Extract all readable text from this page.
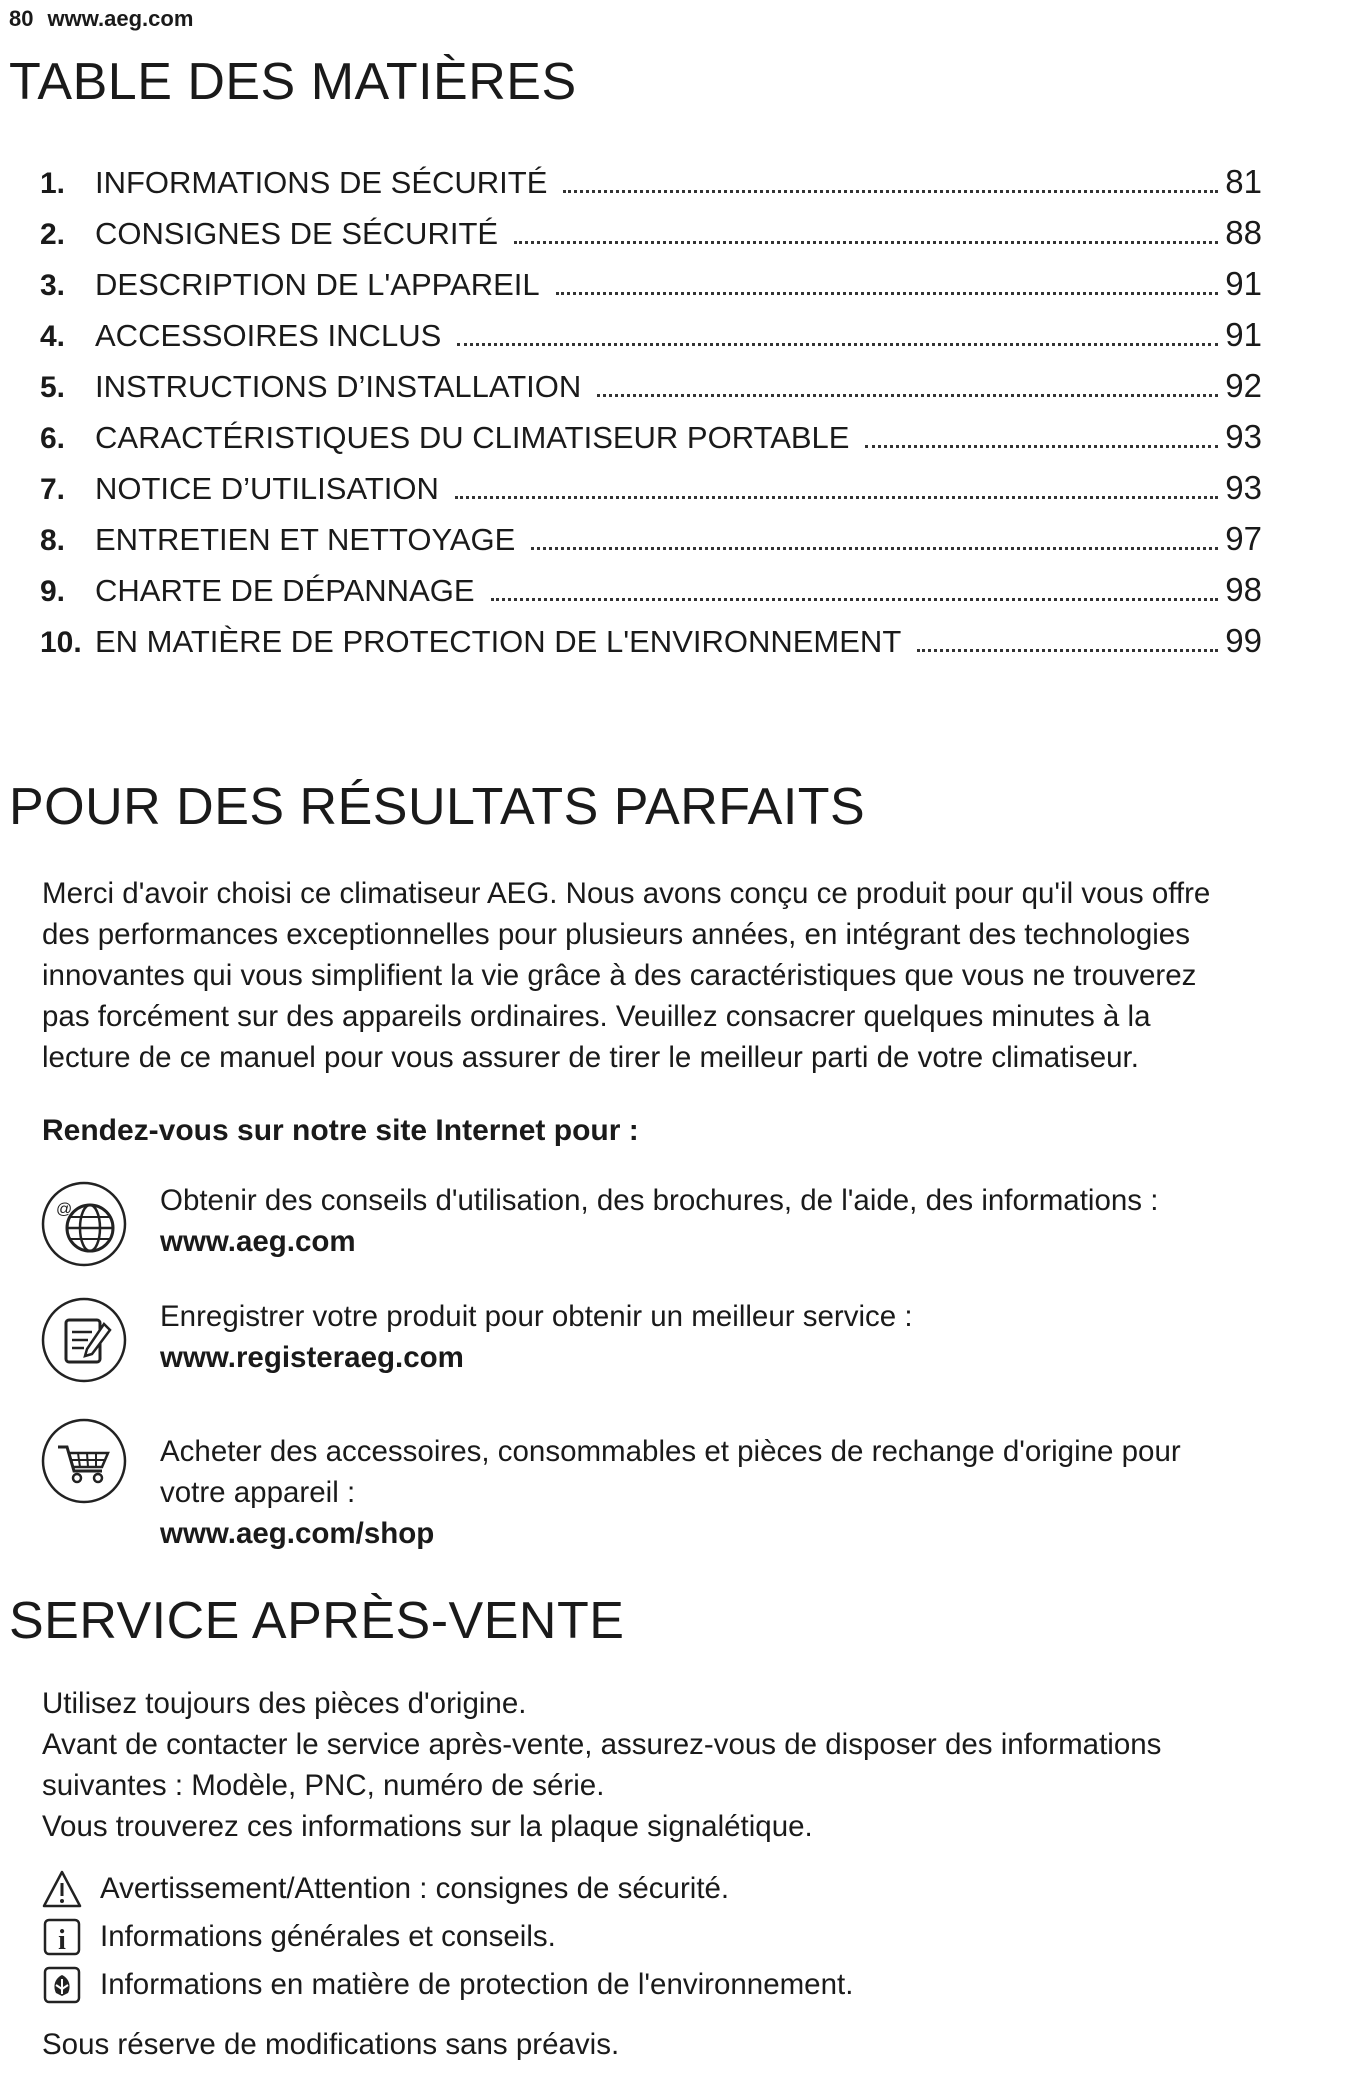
80 www.aeg.com
TABLE DES MATIÈRES
1. INFORMATIONS DE SÉCURITÉ	81
2. CONSIGNES DE SÉCURITÉ	88
3. DESCRIPTION DE L'APPAREIL	91
4. ACCESSOIRES INCLUS	91
5. INSTRUCTIONS D’INSTALLATION	92
6. CARACTÉRISTIQUES DU CLIMATISEUR PORTABLE	93
7. NOTICE D’UTILISATION	93
8. ENTRETIEN ET NETTOYAGE	97
9. CHARTE DE DÉPANNAGE	98
10. EN MATIÈRE DE PROTECTION DE L'ENVIRONNEMENT	99
POUR DES RÉSULTATS PARFAITS

Merci d'avoir choisi ce climatiseur AEG. Nous avons conçu ce produit pour qu'il vous offre
des performances exceptionnelles pour plusieurs années, en intégrant des technologies
innovantes qui vous simplifient la vie grâce à des caractéristiques que vous ne trouverez
pas forcément sur des appareils ordinaires. Veuillez consacrer quelques minutes à la
lecture de ce manuel pour vous assurer de tirer le meilleur parti de votre climatiseur.

Rendez-vous sur notre site Internet pour :

@	Obtenir des conseils d'utilisation, des brochures, de l'aide, des informations :
www.aeg.com
Enregistrer votre produit pour obtenir un meilleur service :
www.registeraeg.com
Acheter des accessoires, consommables et pièces de rechange d'origine pour
votre appareil :
www.aeg.com/shop
SERVICE APRÈS-VENTE

Utilisez toujours des pièces d'origine.
Avant de contacter le service après-vente, assurez-vous de disposer des informations
suivantes : Modèle, PNC, numéro de série.
Vous trouverez ces informations sur la plaque signalétique.

Avertissement/Attention : consignes de sécurité.
i Informations générales et conseils.
Informations en matière de protection de l'environnement.

Sous réserve de modifications sans préavis.
